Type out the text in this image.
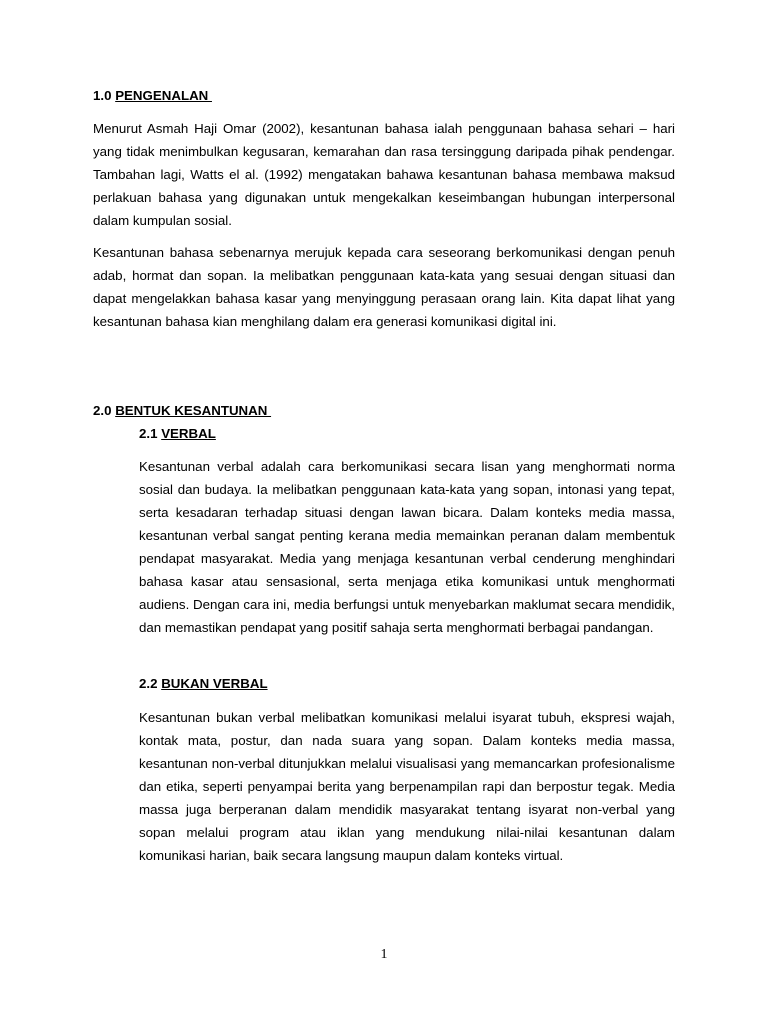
1.0 PENGENALAN

Menurut Asmah Haji Omar (2002), kesantunan bahasa ialah penggunaan bahasa sehari – hari yang tidak menimbulkan kegusaran, kemarahan dan rasa tersinggung daripada pihak pendengar. Tambahan lagi, Watts el al. (1992) mengatakan bahawa kesantunan bahasa membawa maksud perlakuan bahasa yang digunakan untuk mengekalkan keseimbangan hubungan interpersonal dalam kumpulan sosial.

Kesantunan bahasa sebenarnya merujuk kepada cara seseorang berkomunikasi dengan penuh adab, hormat dan sopan. Ia melibatkan penggunaan kata-kata yang sesuai dengan situasi dan dapat mengelakkan bahasa kasar yang menyinggung perasaan orang lain. Kita dapat lihat yang kesantunan bahasa kian menghilang dalam era generasi komunikasi digital ini.

2.0 BENTUK KESANTUNAN
2.1 VERBAL

Kesantunan verbal adalah cara berkomunikasi secara lisan yang menghormati norma sosial dan budaya. Ia melibatkan penggunaan kata-kata yang sopan, intonasi yang tepat, serta kesadaran terhadap situasi dengan lawan bicara. Dalam konteks media massa, kesantunan verbal sangat penting kerana media memainkan peranan dalam membentuk pendapat masyarakat. Media yang menjaga kesantunan verbal cenderung menghindari bahasa kasar atau sensasional, serta menjaga etika komunikasi untuk menghormati audiens. Dengan cara ini, media berfungsi untuk menyebarkan maklumat secara mendidik, dan memastikan pendapat yang positif sahaja serta menghormati berbagai pandangan.

2.2 BUKAN VERBAL

Kesantunan bukan verbal melibatkan komunikasi melalui isyarat tubuh, ekspresi wajah, kontak mata, postur, dan nada suara yang sopan. Dalam konteks media massa, kesantunan non-verbal ditunjukkan melalui visualisasi yang memancarkan profesionalisme dan etika, seperti penyampai berita yang berpenampilan rapi dan berpostur tegak. Media massa juga berperanan dalam mendidik masyarakat tentang isyarat non-verbal yang sopan melalui program atau iklan yang mendukung nilai-nilai kesantunan dalam komunikasi harian, baik secara langsung maupun dalam konteks virtual.

1
